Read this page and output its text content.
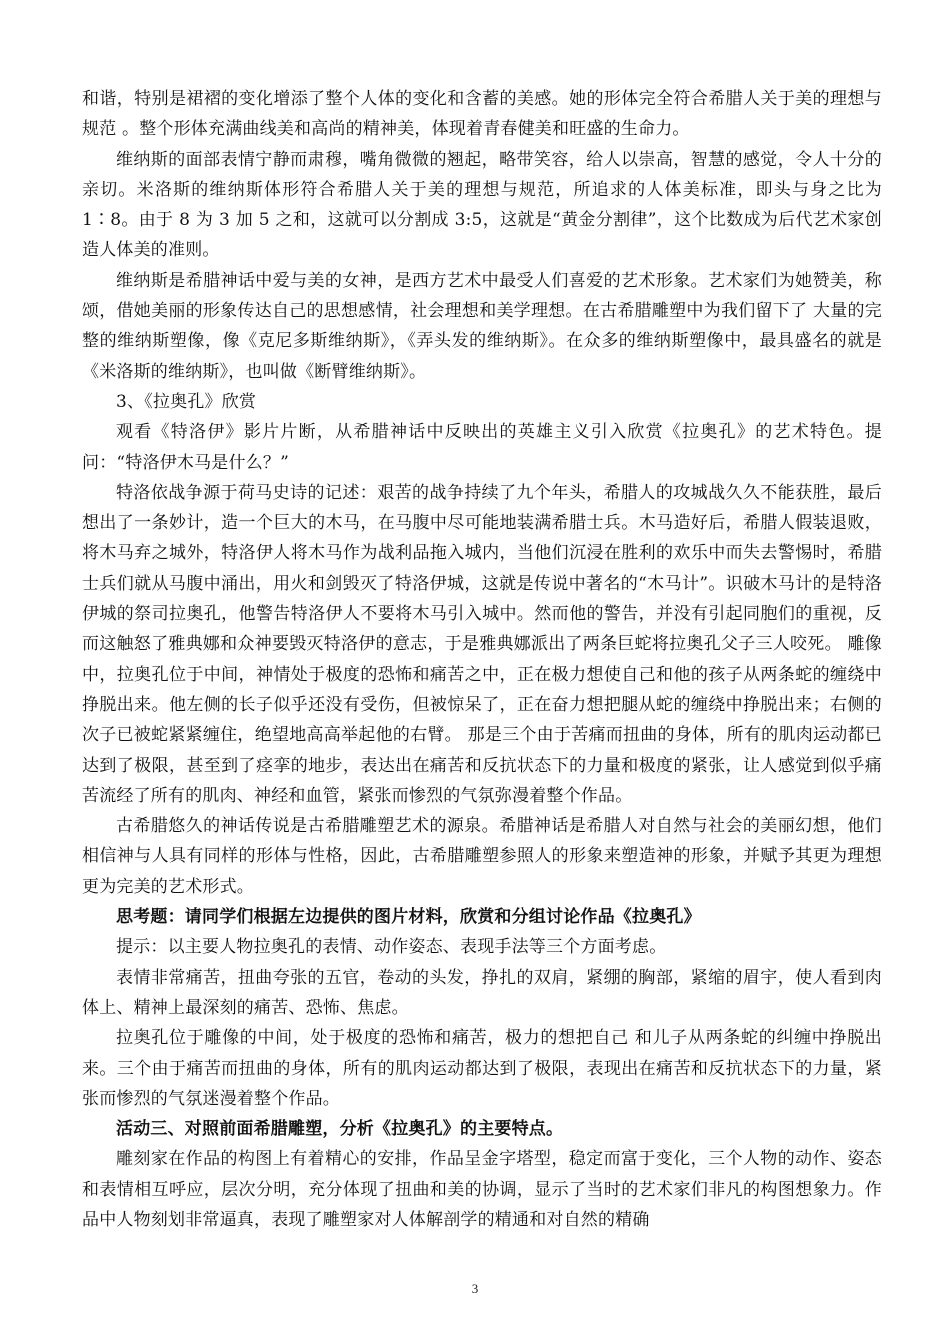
和谐，特别是裙褶的变化增添了整个人体的变化和含蓄的美感。她的形体完全符合希腊人关于美的理想与规范 。整个形体充满曲线美和高尚的精神美，体现着青春健美和旺盛的生命力。

维纳斯的面部表情宁静而肃穆，嘴角微微的翘起，略带笑容，给人以崇高，智慧的感觉，令人十分的亲切。米洛斯的维纳斯体形符合希腊人关于美的理想与规范，所追求的人体美标准，即头与身之比为 1∶8。由于 8 为 3 加 5 之和，这就可以分割成 3:5，这就是“黄金分割律”，这个比数成为后代艺术家创造人体美的准则。

维纳斯是希腊神话中爱与美的女神，是西方艺术中最受人们喜爱的艺术形象。艺术家们为她赞美，称颂，借她美丽的形象传达自己的思想感情，社会理想和美学理想。在古希腊雕塑中为我们留下了 大量的完整的维纳斯塑像，像《克尼多斯维纳斯》，《弄头发的维纳斯》。在众多的维纳斯塑像中，最具盛名的就是《米洛斯的维纳斯》，也叫做《断臂维纳斯》。

3、《拉奥孔》欣赏

观看《特洛伊》影片片断，从希腊神话中反映出的英雄主义引入欣赏《拉奥孔》的艺术特色。提问：“特洛伊木马是什么？”

特洛依战争源于荷马史诗的记述：艰苦的战争持续了九个年头，希腊人的攻城战久久不能获胜，最后想出了一条妙计，造一个巨大的木马，在马腹中尽可能地装满希腊士兵。木马造好后，希腊人假装退败，将木马弃之城外，特洛伊人将木马作为战利品拖入城内，当他们沉浸在胜利的欢乐中而失去警惕时，希腊士兵们就从马腹中涌出，用火和剑毁灭了特洛伊城，这就是传说中著名的“木马计”。识破木马计的是特洛伊城的祭司拉奥孔，他警告特洛伊人不要将木马引入城中。然而他的警告，并没有引起同胞们的重视，反而这触怒了雅典娜和众神要毁灭特洛伊的意志，于是雅典娜派出了两条巨蛇将拉奥孔父子三人咬死。 雕像中，拉奥孔位于中间，神情处于极度的恐怖和痛苦之中，正在极力想使自己和他的孩子从两条蛇的缠绕中挣脱出来。他左侧的长子似乎还没有受伤，但被惊呆了，正在奋力想把腿从蛇的缠绕中挣脱出来；右侧的次子已被蛇紧紧缠住，绝望地高高举起他的右臂。 那是三个由于苦痛而扭曲的身体，所有的肌肉运动都已达到了极限，甚至到了痉挛的地步，表达出在痛苦和反抗状态下的力量和极度的紧张，让人感觉到似乎痛苦流经了所有的肌肉、神经和血管，紧张而惨烈的气氛弥漫着整个作品。

古希腊悠久的神话传说是古希腊雕塑艺术的源泉。希腊神话是希腊人对自然与社会的美丽幻想，他们相信神与人具有同样的形体与性格，因此，古希腊雕塑参照人的形象来塑造神的形象，并赋予其更为理想更为完美的艺术形式。

思考题：请同学们根据左边提供的图片材料，欣赏和分组讨论作品《拉奥孔》

提示：以主要人物拉奥孔的表情、动作姿态、表现手法等三个方面考虑。

表情非常痛苦，扭曲夸张的五官，卷动的头发，挣扎的双肩，紧绷的胸部，紧缩的眉宇，使人看到肉体上、精神上最深刻的痛苦、恐怖、焦虑。

拉奥孔位于雕像的中间，处于极度的恐怖和痛苦，极力的想把自己 和儿子从两条蛇的纠缠中挣脱出来。三个由于痛苦而扭曲的身体，所有的肌肉运动都达到了极限，表现出在痛苦和反抗状态下的力量，紧张而惨烈的气氛迷漫着整个作品。

活动三、对照前面希腊雕塑，分析《拉奥孔》的主要特点。

雕刻家在作品的构图上有着精心的安排，作品呈金字塔型，稳定而富于变化，三个人物的动作、姿态和表情相互呼应，层次分明，充分体现了扭曲和美的协调，显示了当时的艺术家们非凡的构图想象力。作品中人物刻划非常逼真，表现了雕塑家对人体解剖学的精通和对自然的精确

3
